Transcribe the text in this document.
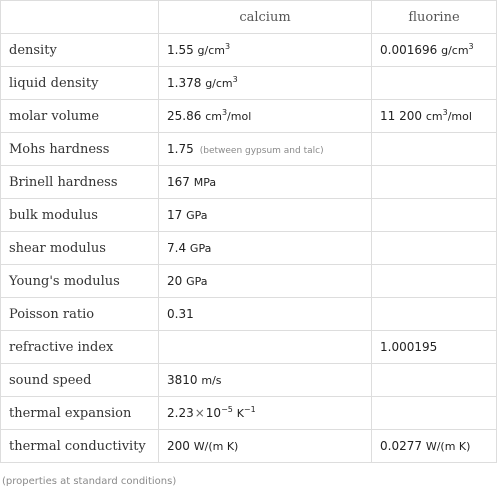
	calcium	fluorine
density	1.55 $g/cm^3$	0.001696 $g/cm^3$
liquid density	1.378 $g/cm^3$	
molar volume	25.86 $cm^3$/mol	11 200 $cm^3$/mol
Mohs hardness	1.75 (between gypsum and talc)	
Brinell hardness	167 MPa	
bulk modulus	17 GPa	
shear modulus	7.4 GPa	
Young's modulus	20 GPa	
Poisson ratio	0.31	
refractive index		1.000195
sound speed	3810 m/s	
thermal expansion	$2.23\times 10^{-5}$ $K^{-1}$	
thermal conductivity	200 W/(m K)	0.0277 W/(m K)
(properties at standard conditions)
